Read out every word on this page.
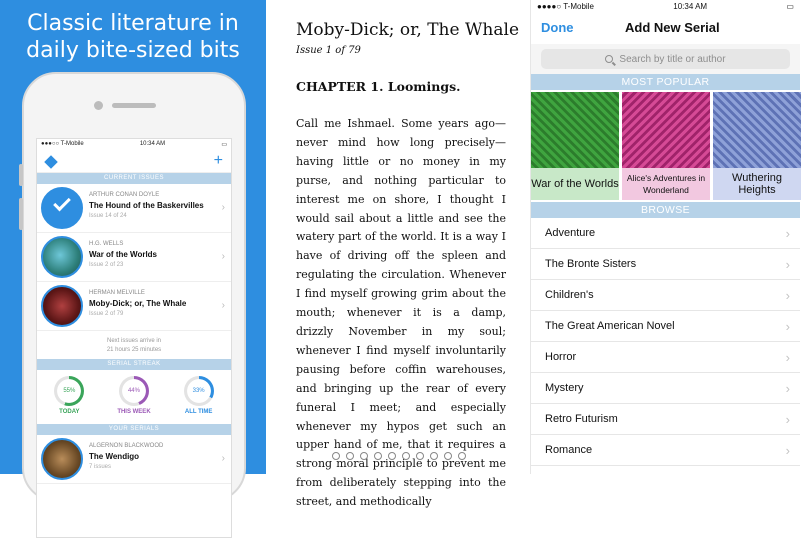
Classic literature in
daily bite-sized bits
●●●○○ T-Mobile	10:34 AM	▭
+
CURRENT ISSUES
ARTHUR CONAN DOYLE
The Hound of the Baskervilles
Issue 14 of 24
›
H.G. WELLS
War of the Worlds
Issue 2 of 23
›
HERMAN MELVILLE
Moby-Dick; or, The Whale
Issue 2 of 79
›
Next issues arrive in
21 hours 25 minutes
SERIAL STREAK
55%
TODAY
44%
THIS WEEK
33%
ALL TIME
YOUR SERIALS
ALGERNON BLACKWOOD
The Wendigo
7 issues
›
Moby-Dick; or, The Whale
Issue 1 of 79
CHAPTER 1. Loomings.
Call me Ishmael. Some years ago—never mind how long precisely—having little or no money in my purse, and nothing particular to interest me on shore, I thought I would sail about a little and see the watery part of the world. It is a way I have of driving off the spleen and regulating the circulation. Whenever I find myself growing grim about the mouth; whenever it is a damp, drizzly November in my soul; whenever I find myself involuntarily pausing before coffin warehouses, and bringing up the rear of every funeral I meet; and especially whenever my hypos get such an upper hand of me, that it requires a strong moral principle to prevent me from deliberately stepping into the street, and methodically
●●●●○ T-Mobile	10:34 AM	▭
Done	Add New Serial
Search by title or author
MOST POPULAR
War of the Worlds Alice's Adventures in Wonderland
Wuthering Heights
BROWSE
Adventure	›
The Bronte Sisters	›
Children's	›
The Great American Novel	›
Horror	›
Mystery	›
Retro Futurism	›
Romance	›
